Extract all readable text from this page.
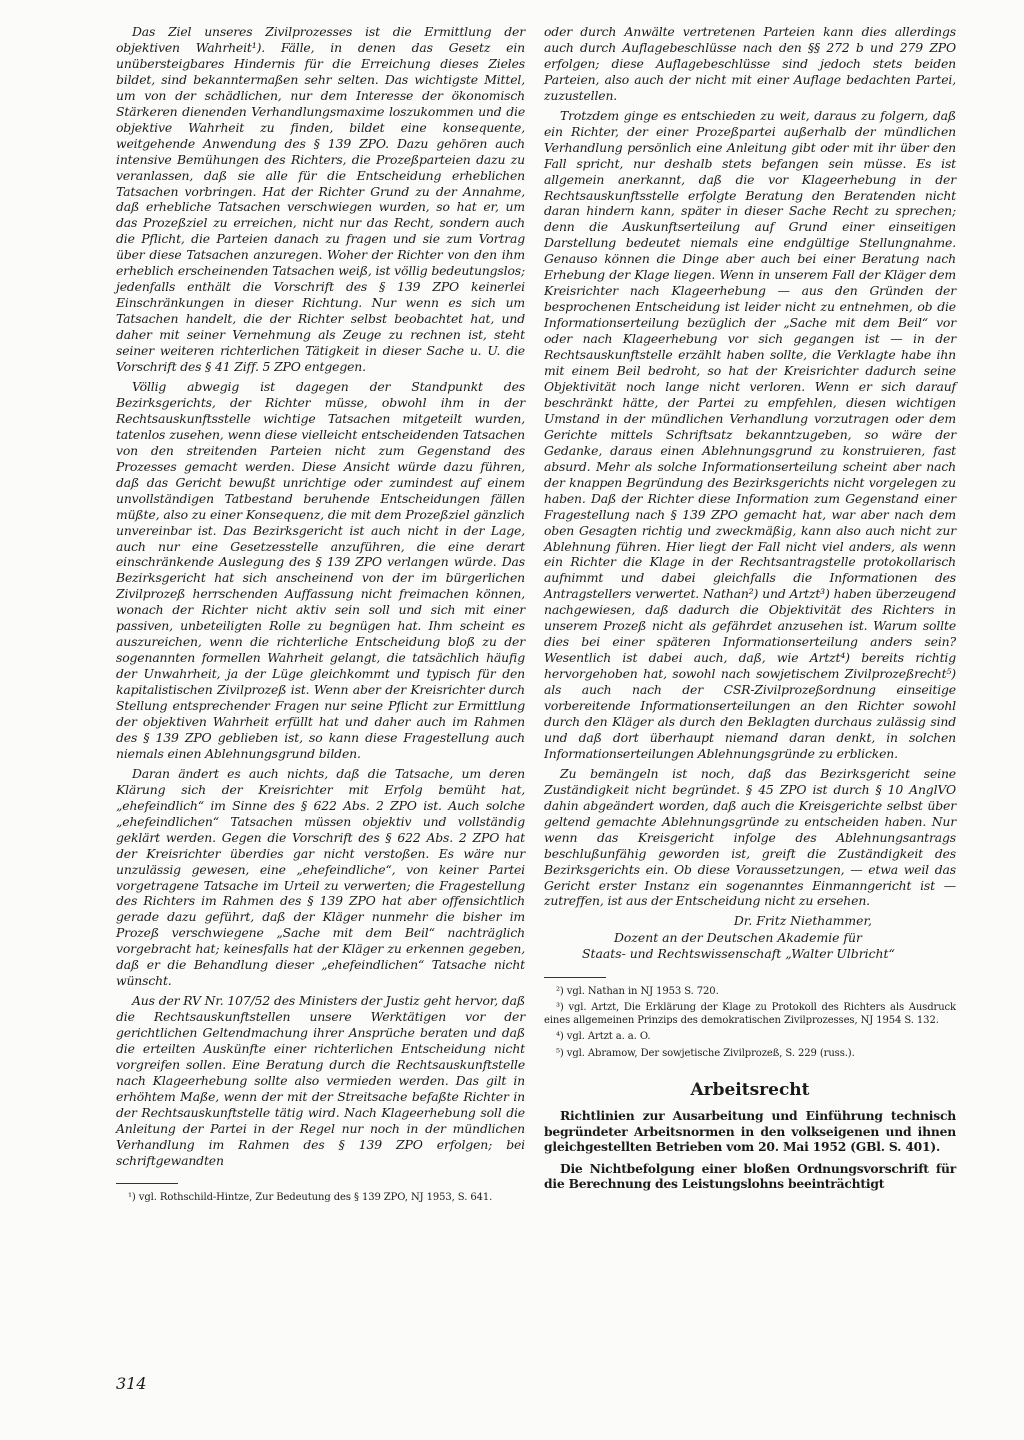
Das Ziel unseres Zivilprozesses ist die Ermittlung der objektiven Wahrheit¹). Fälle, in denen das Gesetz ein unübersteigbares Hindernis für die Erreichung dieses Zieles bildet, sind bekanntermaßen sehr selten. Das wichtigste Mittel, um von der schädlichen, nur dem Interesse der ökonomisch Stärkeren dienenden Verhandlungsmaxime loszukommen und die objektive Wahrheit zu finden, bildet eine konsequente, weitgehende Anwendung des § 139 ZPO. Dazu gehören auch intensive Bemühungen des Richters, die Prozeßparteien dazu zu veranlassen, daß sie alle für die Entscheidung erheblichen Tatsachen vorbringen. Hat der Richter Grund zu der Annahme, daß erhebliche Tatsachen verschwiegen wurden, so hat er, um das Prozeßziel zu erreichen, nicht nur das Recht, sondern auch die Pflicht, die Parteien danach zu fragen und sie zum Vortrag über diese Tatsachen anzuregen. Woher der Richter von den ihm erheblich erscheinenden Tatsachen weiß, ist völlig bedeutungslos; jedenfalls enthält die Vorschrift des § 139 ZPO keinerlei Einschränkungen in dieser Richtung. Nur wenn es sich um Tatsachen handelt, die der Richter selbst beobachtet hat, und daher mit seiner Vernehmung als Zeuge zu rechnen ist, steht seiner weiteren richterlichen Tätigkeit in dieser Sache u. U. die Vorschrift des § 41 Ziff. 5 ZPO entgegen.

Völlig abwegig ist dagegen der Standpunkt des Bezirksgerichts, der Richter müsse, obwohl ihm in der Rechtsauskunftsstelle wichtige Tatsachen mitgeteilt wurden, tatenlos zusehen, wenn diese vielleicht entscheidenden Tatsachen von den streitenden Parteien nicht zum Gegenstand des Prozesses gemacht werden. Diese Ansicht würde dazu führen, daß das Gericht bewußt unrichtige oder zumindest auf einem unvollständigen Tatbestand beruhende Entscheidungen fällen müßte, also zu einer Konsequenz, die mit dem Prozeßziel gänzlich unvereinbar ist. Das Bezirksgericht ist auch nicht in der Lage, auch nur eine Gesetzesstelle anzuführen, die eine derart einschränkende Auslegung des § 139 ZPO verlangen würde. Das Bezirksgericht hat sich anscheinend von der im bürgerlichen Zivilprozeß herrschenden Auffassung nicht freimachen können, wonach der Richter nicht aktiv sein soll und sich mit einer passiven, unbeteiligten Rolle zu begnügen hat. Ihm scheint es auszureichen, wenn die richterliche Entscheidung bloß zu der sogenannten formellen Wahrheit gelangt, die tatsächlich häufig der Unwahrheit, ja der Lüge gleichkommt und typisch für den kapitalistischen Zivilprozeß ist. Wenn aber der Kreisrichter durch Stellung entsprechender Fragen nur seine Pflicht zur Ermittlung der objektiven Wahrheit erfüllt hat und daher auch im Rahmen des § 139 ZPO geblieben ist, so kann diese Fragestellung auch niemals einen Ablehnungsgrund bilden.

Daran ändert es auch nichts, daß die Tatsache, um deren Klärung sich der Kreisrichter mit Erfolg bemüht hat, „ehefeindlich“ im Sinne des § 622 Abs. 2 ZPO ist. Auch solche „ehefeindlichen“ Tatsachen müssen objektiv und vollständig geklärt werden. Gegen die Vorschrift des § 622 Abs. 2 ZPO hat der Kreisrichter überdies gar nicht verstoßen. Es wäre nur unzulässig gewesen, eine „ehefeindliche“, von keiner Partei vorgetragene Tatsache im Urteil zu verwerten; die Fragestellung des Richters im Rahmen des § 139 ZPO hat aber offensichtlich gerade dazu geführt, daß der Kläger nunmehr die bisher im Prozeß verschwiegene „Sache mit dem Beil“ nachträglich vorgebracht hat; keinesfalls hat der Kläger zu erkennen gegeben, daß er die Behandlung dieser „ehefeindlichen“ Tatsache nicht wünscht.

Aus der RV Nr. 107/52 des Ministers der Justiz geht hervor, daß die Rechtsauskunftstellen unsere Werktätigen vor der gerichtlichen Geltendmachung ihrer Ansprüche beraten und daß die erteilten Auskünfte einer richterlichen Entscheidung nicht vorgreifen sollen. Eine Beratung durch die Rechtsauskunftstelle nach Klageerhebung sollte also vermieden werden. Das gilt in erhöhtem Maße, wenn der mit der Streitsache befaßte Richter in der Rechtsauskunftstelle tätig wird. Nach Klageerhebung soll die Anleitung der Partei in der Regel nur noch in der mündlichen Verhandlung im Rahmen des § 139 ZPO erfolgen; bei schriftgewandten

¹) vgl. Rothschild-Hintze, Zur Bedeutung des § 139 ZPO, NJ 1953, S. 641.

oder durch Anwälte vertretenen Parteien kann dies allerdings auch durch Auflagebeschlüsse nach den §§ 272 b und 279 ZPO erfolgen; diese Auflagebeschlüsse sind jedoch stets beiden Parteien, also auch der nicht mit einer Auflage bedachten Partei, zuzustellen.

Trotzdem ginge es entschieden zu weit, daraus zu folgern, daß ein Richter, der einer Prozeßpartei außerhalb der mündlichen Verhandlung persönlich eine Anleitung gibt oder mit ihr über den Fall spricht, nur deshalb stets befangen sein müsse. Es ist allgemein anerkannt, daß die vor Klageerhebung in der Rechtsauskunftsstelle erfolgte Beratung den Beratenden nicht daran hindern kann, später in dieser Sache Recht zu sprechen; denn die Auskunftserteilung auf Grund einer einseitigen Darstellung bedeutet niemals eine endgültige Stellungnahme. Genauso können die Dinge aber auch bei einer Beratung nach Erhebung der Klage liegen. Wenn in unserem Fall der Kläger dem Kreisrichter nach Klageerhebung — aus den Gründen der besprochenen Entscheidung ist leider nicht zu entnehmen, ob die Informationserteilung bezüglich der „Sache mit dem Beil“ vor oder nach Klageerhebung vor sich gegangen ist — in der Rechtsauskunftstelle erzählt haben sollte, die Verklagte habe ihn mit einem Beil bedroht, so hat der Kreisrichter dadurch seine Objektivität noch lange nicht verloren. Wenn er sich darauf beschränkt hätte, der Partei zu empfehlen, diesen wichtigen Umstand in der mündlichen Verhandlung vorzutragen oder dem Gerichte mittels Schriftsatz bekanntzugeben, so wäre der Gedanke, daraus einen Ablehnungsgrund zu konstruieren, fast absurd. Mehr als solche Informationserteilung scheint aber nach der knappen Begründung des Bezirksgerichts nicht vorgelegen zu haben. Daß der Richter diese Information zum Gegenstand einer Fragestellung nach § 139 ZPO gemacht hat, war aber nach dem oben Gesagten richtig und zweckmäßig, kann also auch nicht zur Ablehnung führen. Hier liegt der Fall nicht viel anders, als wenn ein Richter die Klage in der Rechtsantragstelle protokollarisch aufnimmt und dabei gleichfalls die Informationen des Antragstellers verwertet. Nathan²) und Artzt³) haben überzeugend nachgewiesen, daß dadurch die Objektivität des Richters in unserem Prozeß nicht als gefährdet anzusehen ist. Warum sollte dies bei einer späteren Informationserteilung anders sein? Wesentlich ist dabei auch, daß, wie Artzt⁴) bereits richtig hervorgehoben hat, sowohl nach sowjetischem Zivilprozeßrecht⁵) als auch nach der CSR-Zivilprozeßordnung einseitige vorbereitende Informationserteilungen an den Richter sowohl durch den Kläger als durch den Beklagten durchaus zulässig sind und daß dort überhaupt niemand daran denkt, in solchen Informationserteilungen Ablehnungsgründe zu erblicken.

Zu bemängeln ist noch, daß das Bezirksgericht seine Zuständigkeit nicht begründet. § 45 ZPO ist durch § 10 AnglVO dahin abgeändert worden, daß auch die Kreisgerichte selbst über geltend gemachte Ablehnungsgründe zu entscheiden haben. Nur wenn das Kreisgericht infolge des Ablehnungsantrags beschlußunfähig geworden ist, greift die Zuständigkeit des Bezirksgerichts ein. Ob diese Voraussetzungen, — etwa weil das Gericht erster Instanz ein sogenanntes Einmanngericht ist — zutreffen, ist aus der Entscheidung nicht zu ersehen.

Dr. Fritz Niethammer,

Dozent an der Deutschen Akademie für

Staats- und Rechtswissenschaft „Walter Ulbricht“

²) vgl. Nathan in NJ 1953 S. 720.

³) vgl. Artzt, Die Erklärung der Klage zu Protokoll des Richters als Ausdruck eines allgemeinen Prinzips des demokratischen Zivilprozesses, NJ 1954 S. 132.

⁴) vgl. Artzt a. a. O.

⁵) vgl. Abramow, Der sowjetische Zivilprozeß, S. 229 (russ.).

Arbeitsrecht

Richtlinien zur Ausarbeitung und Einführung technisch begründeter Arbeitsnormen in den volkseigenen und ihnen gleichgestellten Betrieben vom 20. Mai 1952 (GBl. S. 401).

Die Nichtbefolgung einer bloßen Ordnungsvorschrift für die Berechnung des Leistungslohns beeinträchtigt

314
